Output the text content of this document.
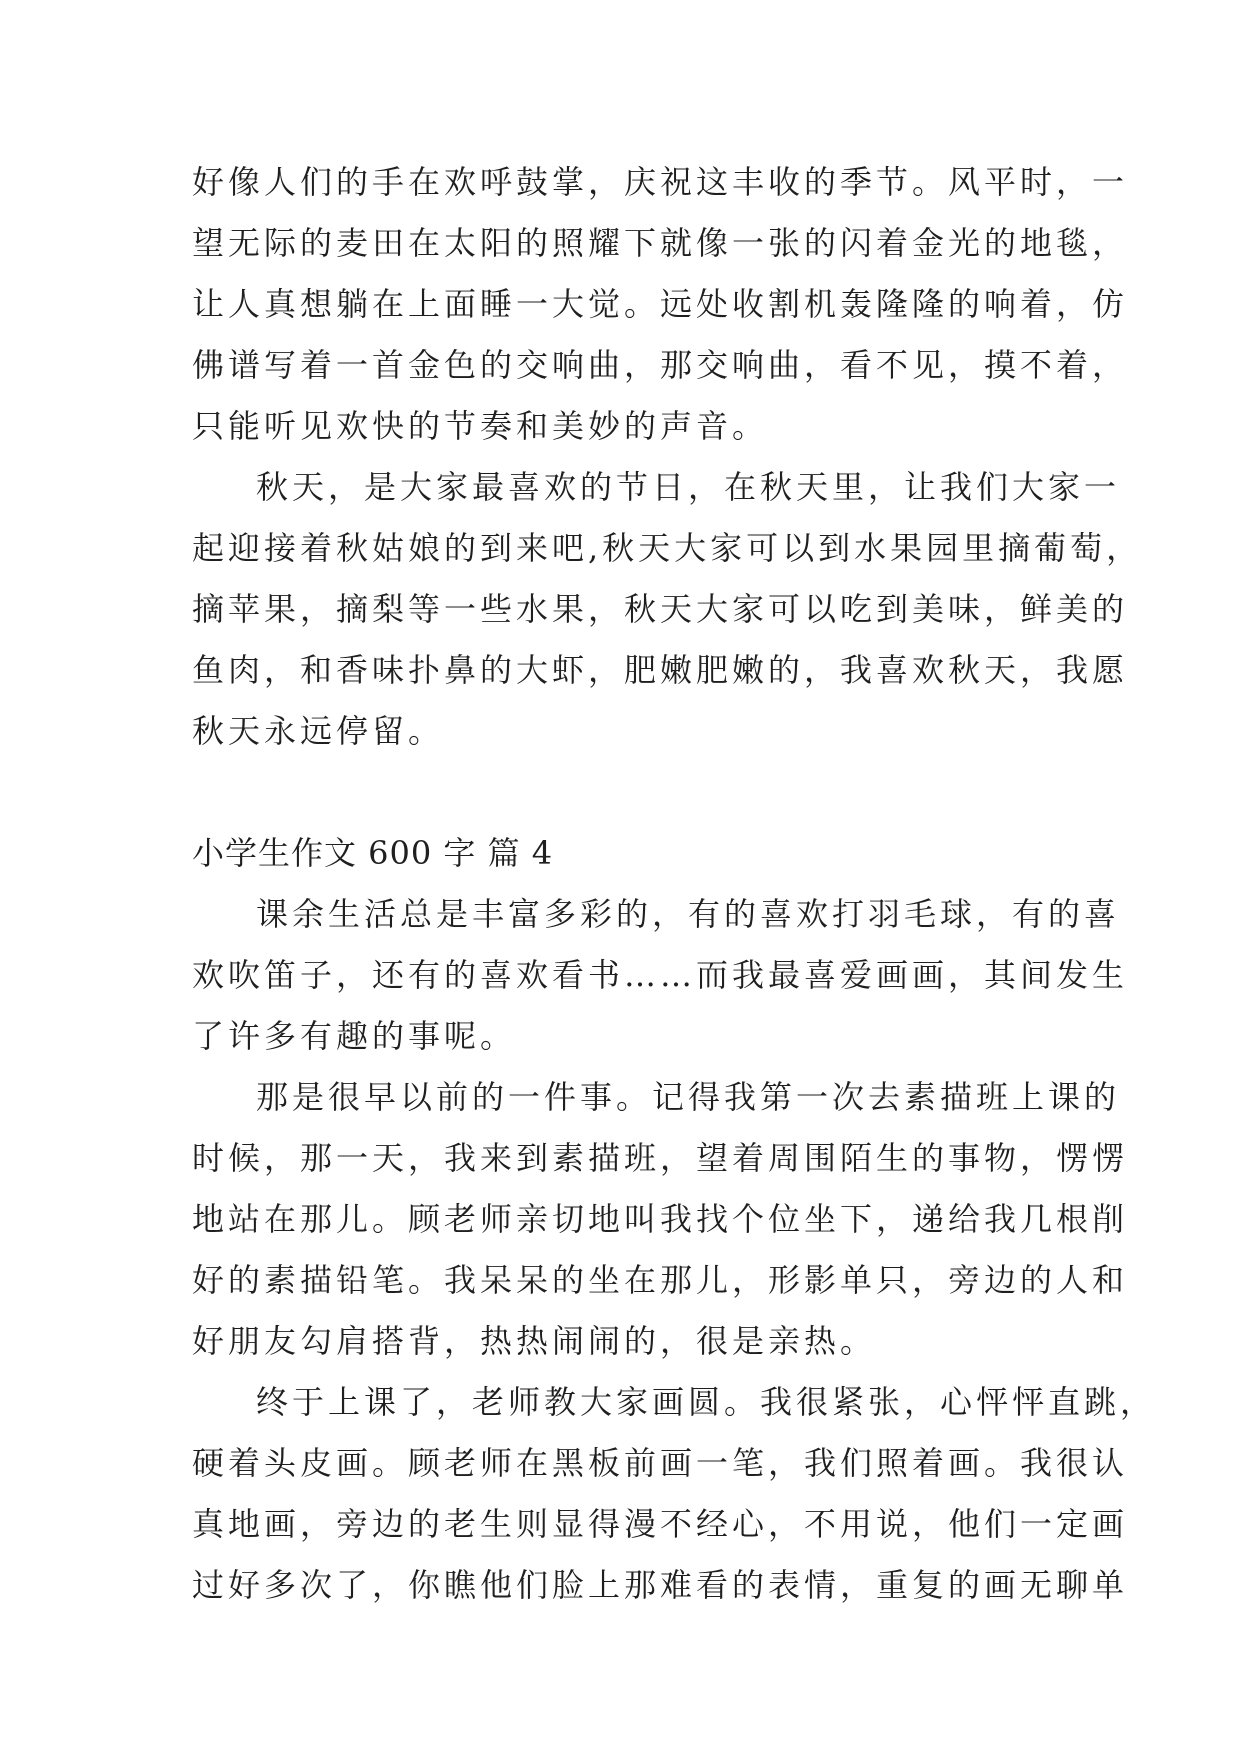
好像人们的手在欢呼鼓掌，庆祝这丰收的季节。风平时，一
望无际的麦田在太阳的照耀下就像一张的闪着金光的地毯，
让人真想躺在上面睡一大觉。远处收割机轰隆隆的响着，仿
佛谱写着一首金色的交响曲，那交响曲，看不见，摸不着，
只能听见欢快的节奏和美妙的声音。
秋天，是大家最喜欢的节日，在秋天里，让我们大家一
起迎接着秋姑娘的到来吧,秋天大家可以到水果园里摘葡萄，
摘苹果，摘梨等一些水果，秋天大家可以吃到美味，鲜美的
鱼肉，和香味扑鼻的大虾，肥嫩肥嫩的，我喜欢秋天，我愿
秋天永远停留。
小学生作文 600 字 篇 4
课余生活总是丰富多彩的，有的喜欢打羽毛球，有的喜
欢吹笛子，还有的喜欢看书……而我最喜爱画画，其间发生
了许多有趣的事呢。
那是很早以前的一件事。记得我第一次去素描班上课的
时候，那一天，我来到素描班，望着周围陌生的事物，愣愣
地站在那儿。顾老师亲切地叫我找个位坐下，递给我几根削
好的素描铅笔。我呆呆的坐在那儿，形影单只，旁边的人和
好朋友勾肩搭背，热热闹闹的，很是亲热。
终于上课了，老师教大家画圆。我很紧张，心怦怦直跳，
硬着头皮画。顾老师在黑板前画一笔，我们照着画。我很认
真地画，旁边的老生则显得漫不经心，不用说，他们一定画
过好多次了，你瞧他们脸上那难看的表情，重复的画无聊单
